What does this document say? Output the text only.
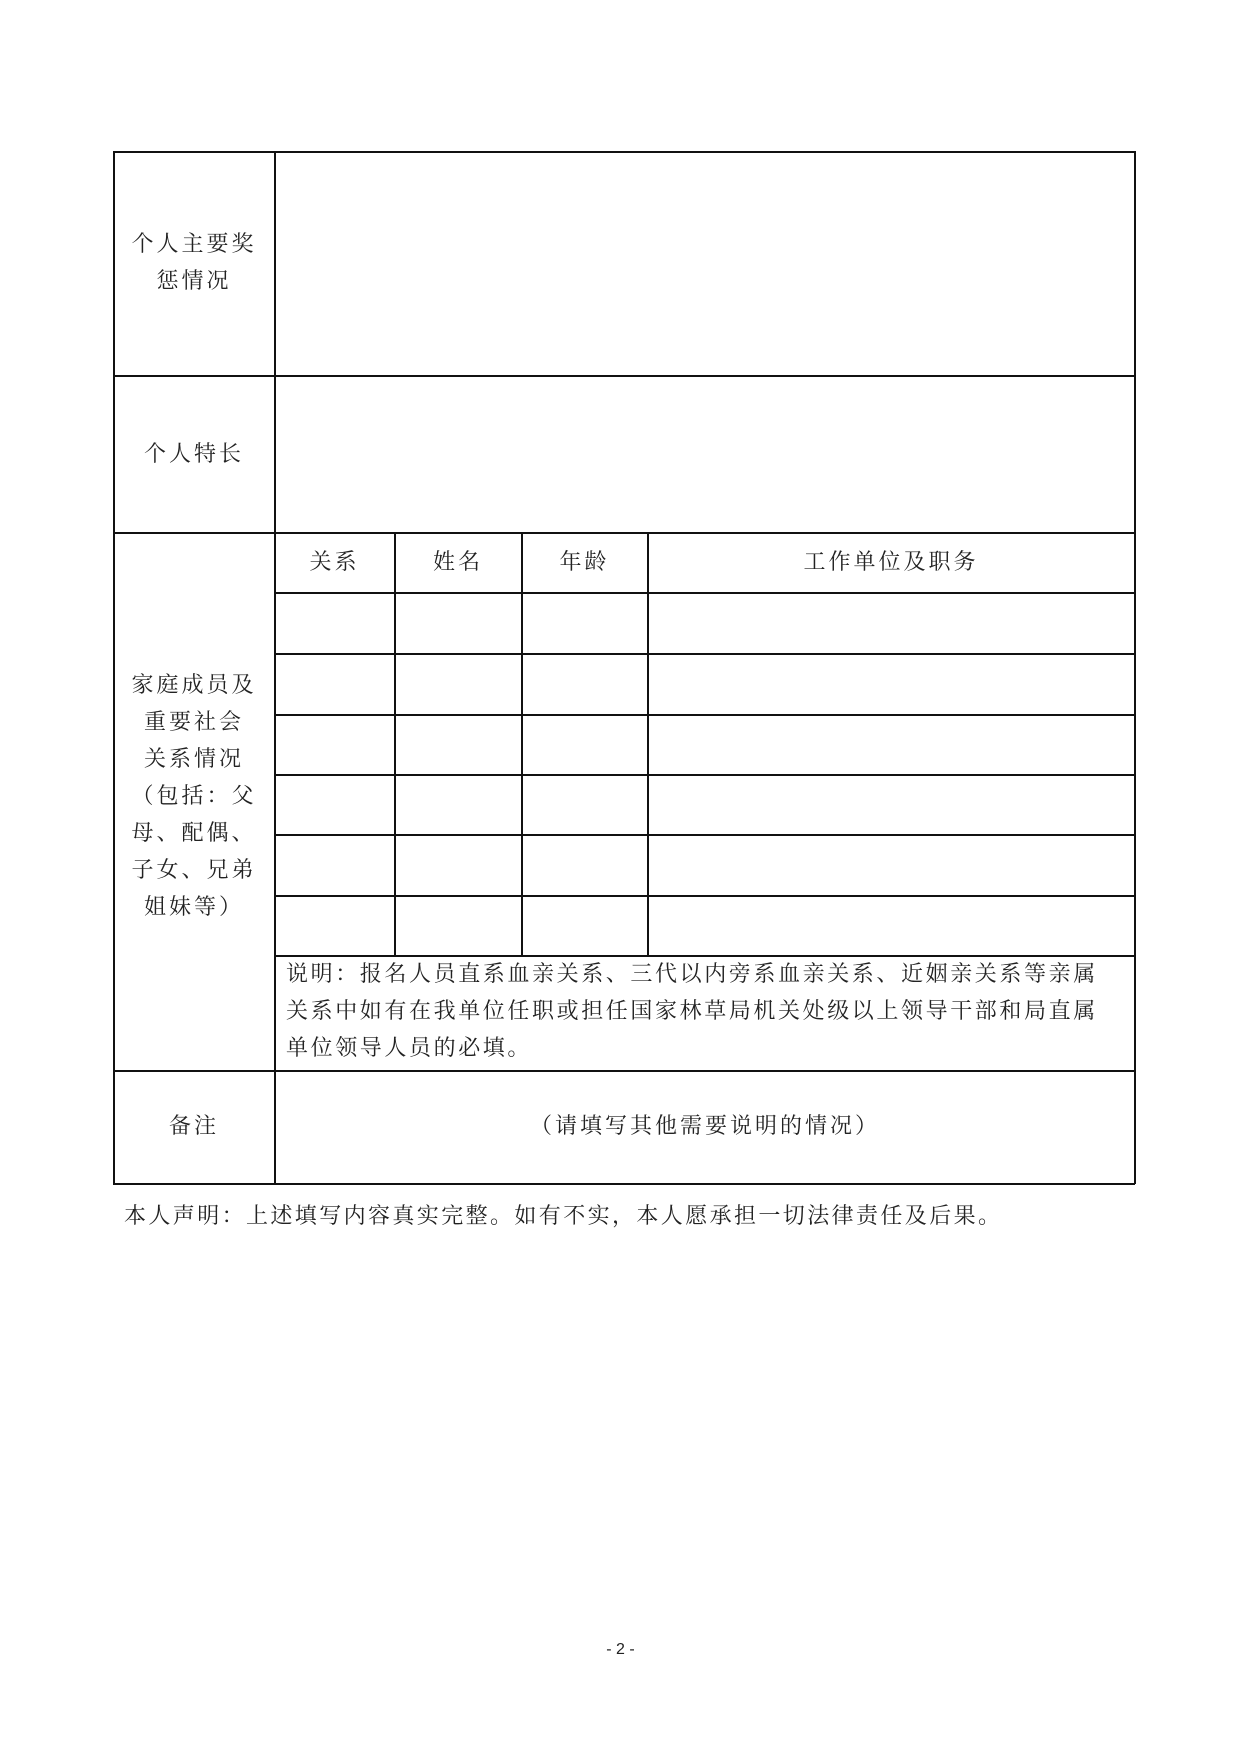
个人主要奖
惩情况
个人特长
家庭成员及
重要社会
关系情况
（包括：父
母、配偶、
子女、兄弟
姐妹等）
关系	姓名	年龄	工作单位及职务
说明：报名人员直系血亲关系、三代以内旁系血亲关系、近姻亲关系等亲属
关系中如有在我单位任职或担任国家林草局机关处级以上领导干部和局直属
单位领导人员的必填。
备注	（请填写其他需要说明的情况）
本人声明：上述填写内容真实完整。如有不实，本人愿承担一切法律责任及后果。
- 2 -
